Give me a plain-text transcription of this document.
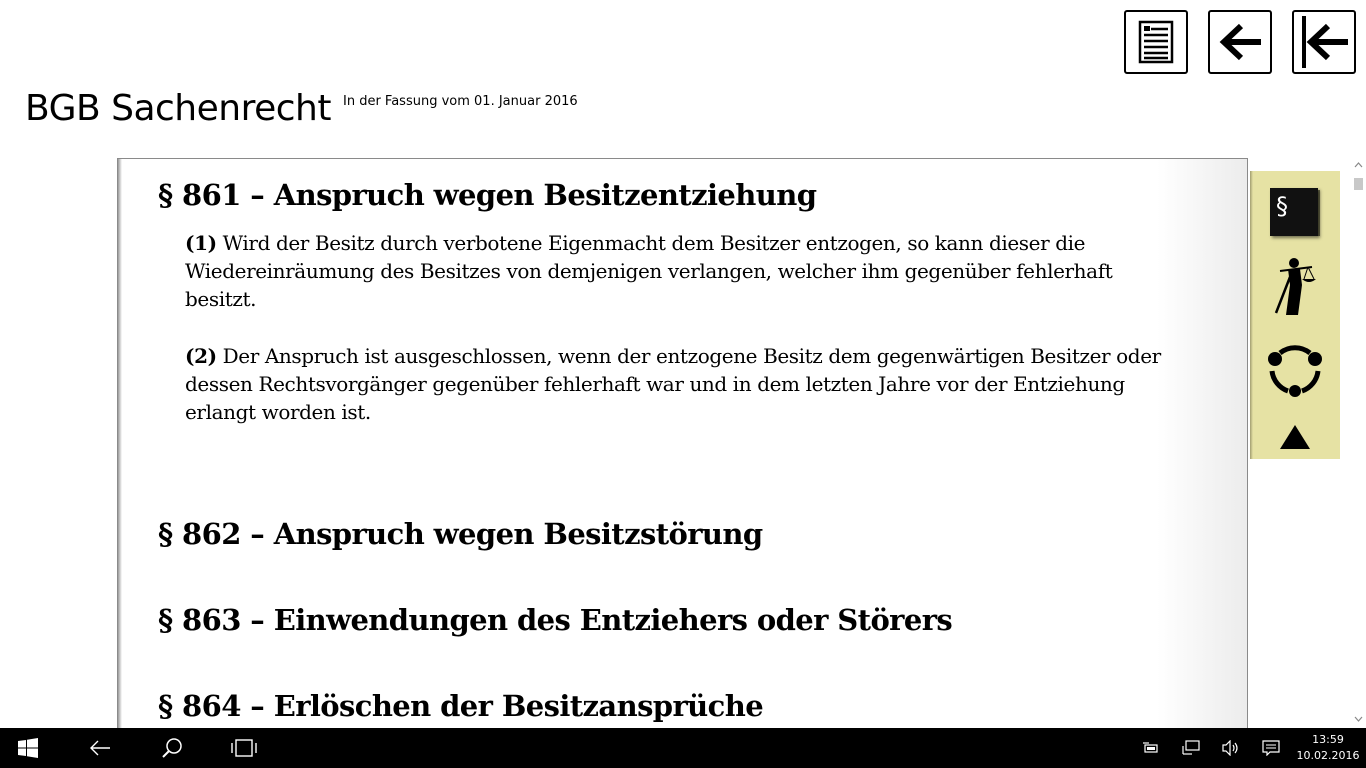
BGB Sachenrecht In der Fassung vom 01. Januar 2016
§ 861 – Anspruch wegen Besitzentziehung

(1) Wird der Besitz durch verbotene Eigenmacht dem Besitzer entzogen, so kann dieser die Wiedereinräumung des Besitzes von demjenigen verlangen, welcher ihm gegenüber fehlerhaft besitzt.

(2) Der Anspruch ist ausgeschlossen, wenn der entzogene Besitz dem gegenwärtigen Besitzer oder dessen Rechtsvorgänger gegenüber fehlerhaft war und in dem letzten Jahre vor der Entziehung erlangt worden ist.

§ 862 – Anspruch wegen Besitzstörung
§ 863 – Einwendungen des Entziehers oder Störers
§ 864 – Erlöschen der Besitzansprüche
§
13:59
10.02.2016
